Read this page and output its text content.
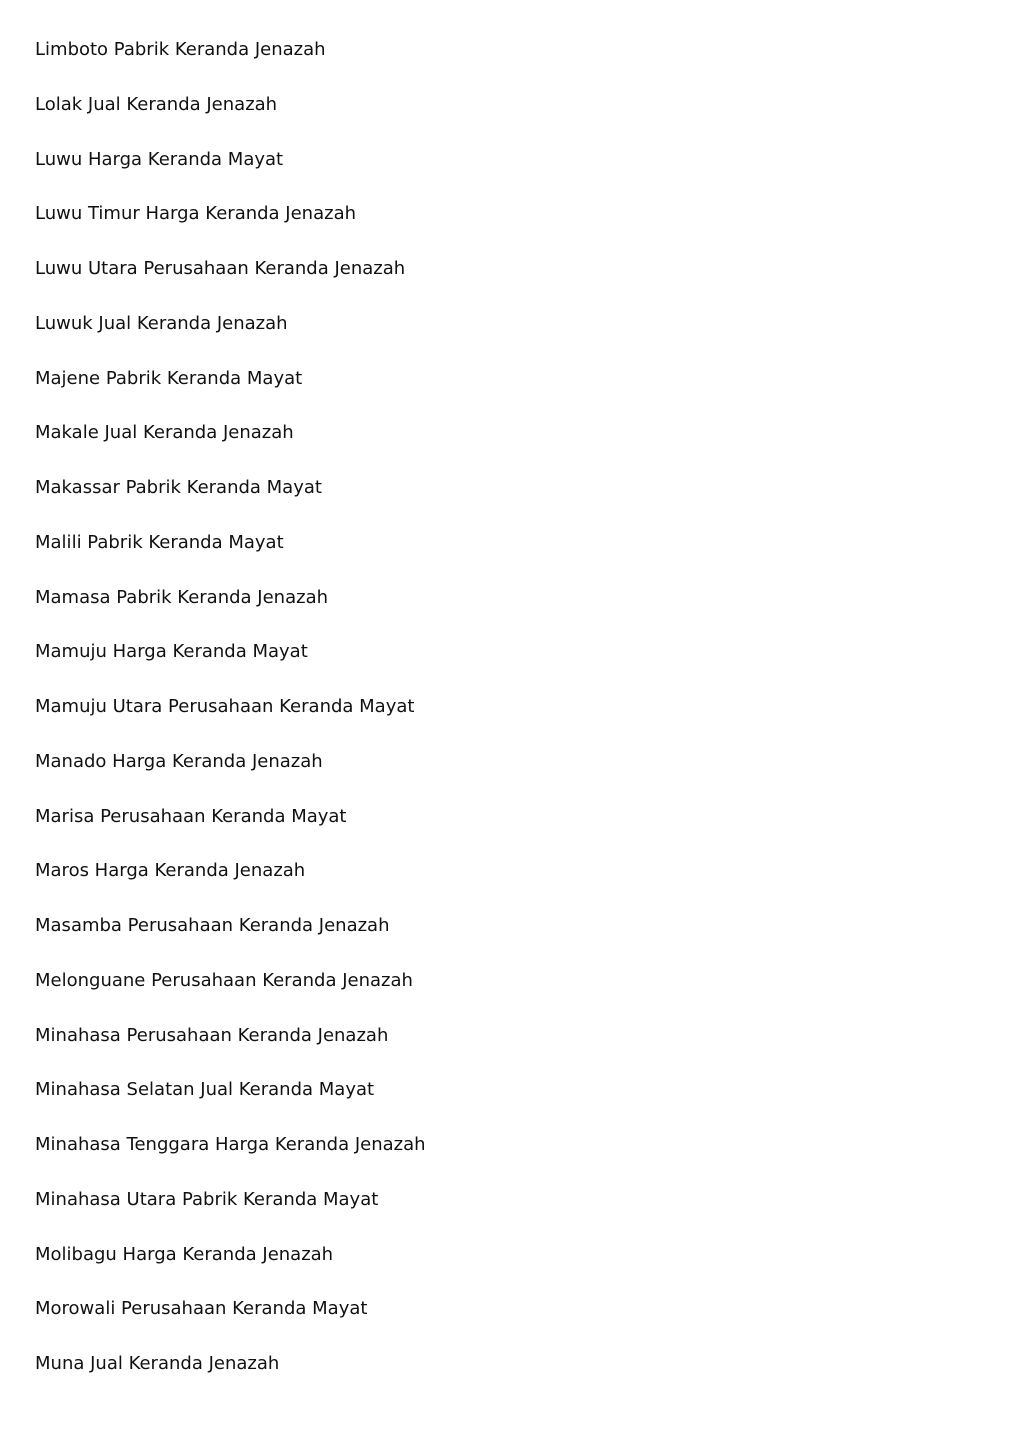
Limboto Pabrik Keranda Jenazah
Lolak Jual Keranda Jenazah
Luwu Harga Keranda Mayat
Luwu Timur Harga Keranda Jenazah
Luwu Utara Perusahaan Keranda Jenazah
Luwuk Jual Keranda Jenazah
Majene Pabrik Keranda Mayat
Makale Jual Keranda Jenazah
Makassar Pabrik Keranda Mayat
Malili Pabrik Keranda Mayat
Mamasa Pabrik Keranda Jenazah
Mamuju Harga Keranda Mayat
Mamuju Utara Perusahaan Keranda Mayat
Manado Harga Keranda Jenazah
Marisa Perusahaan Keranda Mayat
Maros Harga Keranda Jenazah
Masamba Perusahaan Keranda Jenazah
Melonguane Perusahaan Keranda Jenazah
Minahasa Perusahaan Keranda Jenazah
Minahasa Selatan Jual Keranda Mayat
Minahasa Tenggara Harga Keranda Jenazah
Minahasa Utara Pabrik Keranda Mayat
Molibagu Harga Keranda Jenazah
Morowali Perusahaan Keranda Mayat
Muna Jual Keranda Jenazah
